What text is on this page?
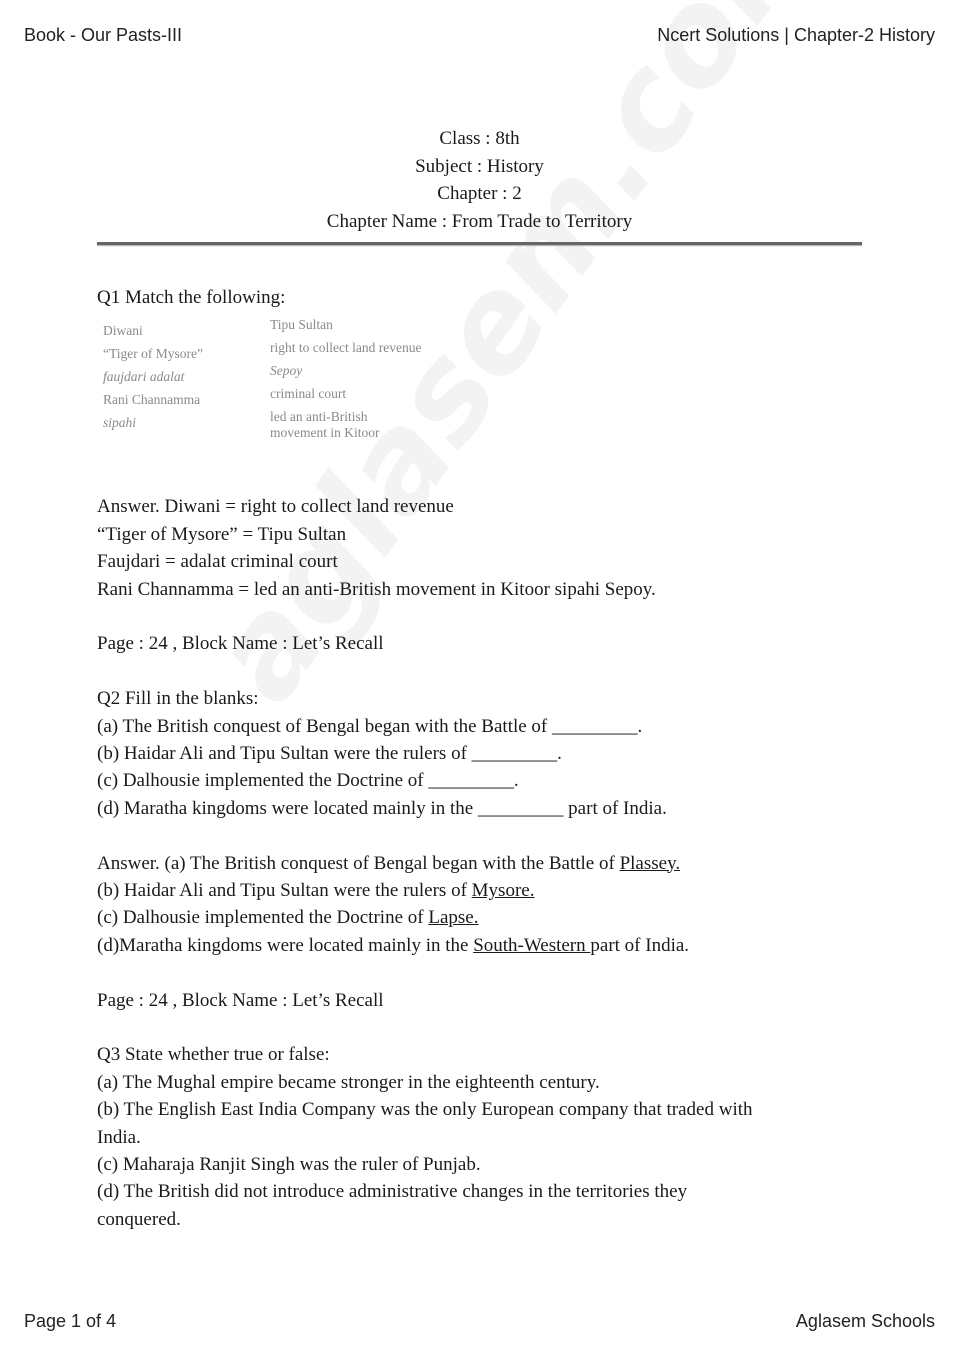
Book - Our Pasts-III	Ncert Solutions | Chapter-2 History
Class : 8th
Subject : History
Chapter : 2
Chapter Name : From Trade to Territory
Q1 Match the following:
Diwani	Tipu Sultan
“Tiger of Mysore”	right to collect land revenue
faujdari adalat	Sepoy
Rani Channamma	criminal court
sipahi	led an anti-British
movement in Kitoor
Answer. Diwani = right to collect land revenue
“Tiger of Mysore” = Tipu Sultan
Faujdari = adalat criminal court
Rani Channamma = led an anti-British movement in Kitoor sipahi Sepoy.
Page : 24 , Block Name : Let’s Recall
Q2 Fill in the blanks:
(a) The British conquest of Bengal began with the Battle of _________.
(b) Haidar Ali and Tipu Sultan were the rulers of _________.
(c) Dalhousie implemented the Doctrine of _________.
(d) Maratha kingdoms were located mainly in the _________ part of India.
Answer. (a) The British conquest of Bengal began with the Battle of Plassey.
(b) Haidar Ali and Tipu Sultan were the rulers of Mysore.
(c) Dalhousie implemented the Doctrine of Lapse.
(d)Maratha kingdoms were located mainly in the South-Western part of India.
Page : 24 , Block Name : Let’s Recall
Q3 State whether true or false:
(a) The Mughal empire became stronger in the eighteenth century.
(b) The English East India Company was the only European company that traded with
India.
(c) Maharaja Ranjit Singh was the ruler of Punjab.
(d) The British did not introduce administrative changes in the territories they
conquered.
Page 1 of 4	Aglasem Schools
